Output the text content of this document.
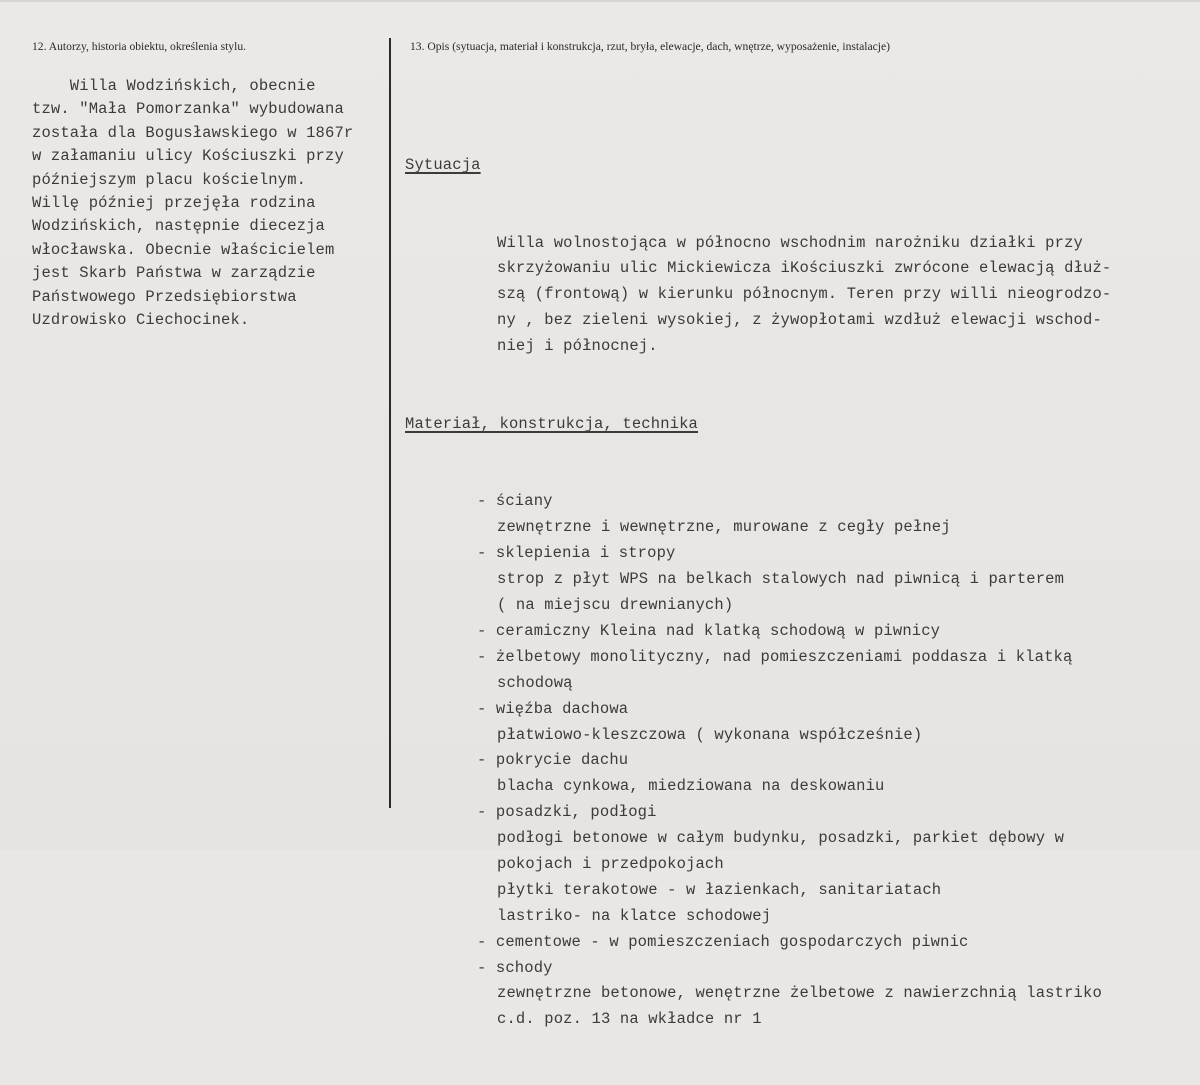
12. Autorzy, historia obiektu, określenia stylu.	13. Opis (sytuacja, materiał i konstrukcja, rzut, bryła, elewacje, dach, wnętrze, wyposażenie, instalacje)
Willa Wodzińskich, obecnie
tzw. "Mała Pomorzanka" wybudowana
została dla Bogusławskiego w 1867r
w załamaniu ulicy Kościuszki przy
późniejszym placu kościelnym.
Willę później przejęła rodzina
Wodzińskich, następnie diecezja
włocławska. Obecnie właścicielem
jest Skarb Państwa w zarządzie
Państwowego Przedsiębiorstwa
Uzdrowisko Ciechocinek.

Sytuacja

Willa wolnostojąca w północno wschodnim narożniku działki przy
skrzyżowaniu ulic Mickiewicza iKościuszki zwrócone elewacją dłuż-
szą (frontową) w kierunku północnym. Teren przy willi nieogrodzo-
ny , bez zieleni wysokiej, z żywopłotami wzdłuż elewacji wschod-
niej i północnej.

Materiał, konstrukcja, technika

- ściany
zewnętrzne i wewnętrzne, murowane z cegły pełnej
- sklepienia i stropy
strop z płyt WPS na belkach stalowych nad piwnicą i parterem
( na miejscu drewnianych)
- ceramiczny Kleina nad klatką schodową w piwnicy
- żelbetowy monolityczny, nad pomieszczeniami poddasza i klatką
schodową
- więźba dachowa
płatwiowo-kleszczowa ( wykonana współcześnie)
- pokrycie dachu
blacha cynkowa, miedziowana na deskowaniu
- posadzki, podłogi
podłogi betonowe w całym budynku, posadzki, parkiet dębowy w
pokojach i przedpokojach
płytki terakotowe - w łazienkach, sanitariatach
lastriko- na klatce schodowej
- cementowe - w pomieszczeniach gospodarczych piwnic
- schody
zewnętrzne betonowe, wenętrzne żelbetowe z nawierzchnią lastriko
c.d. poz. 13 na wkładce nr 1
